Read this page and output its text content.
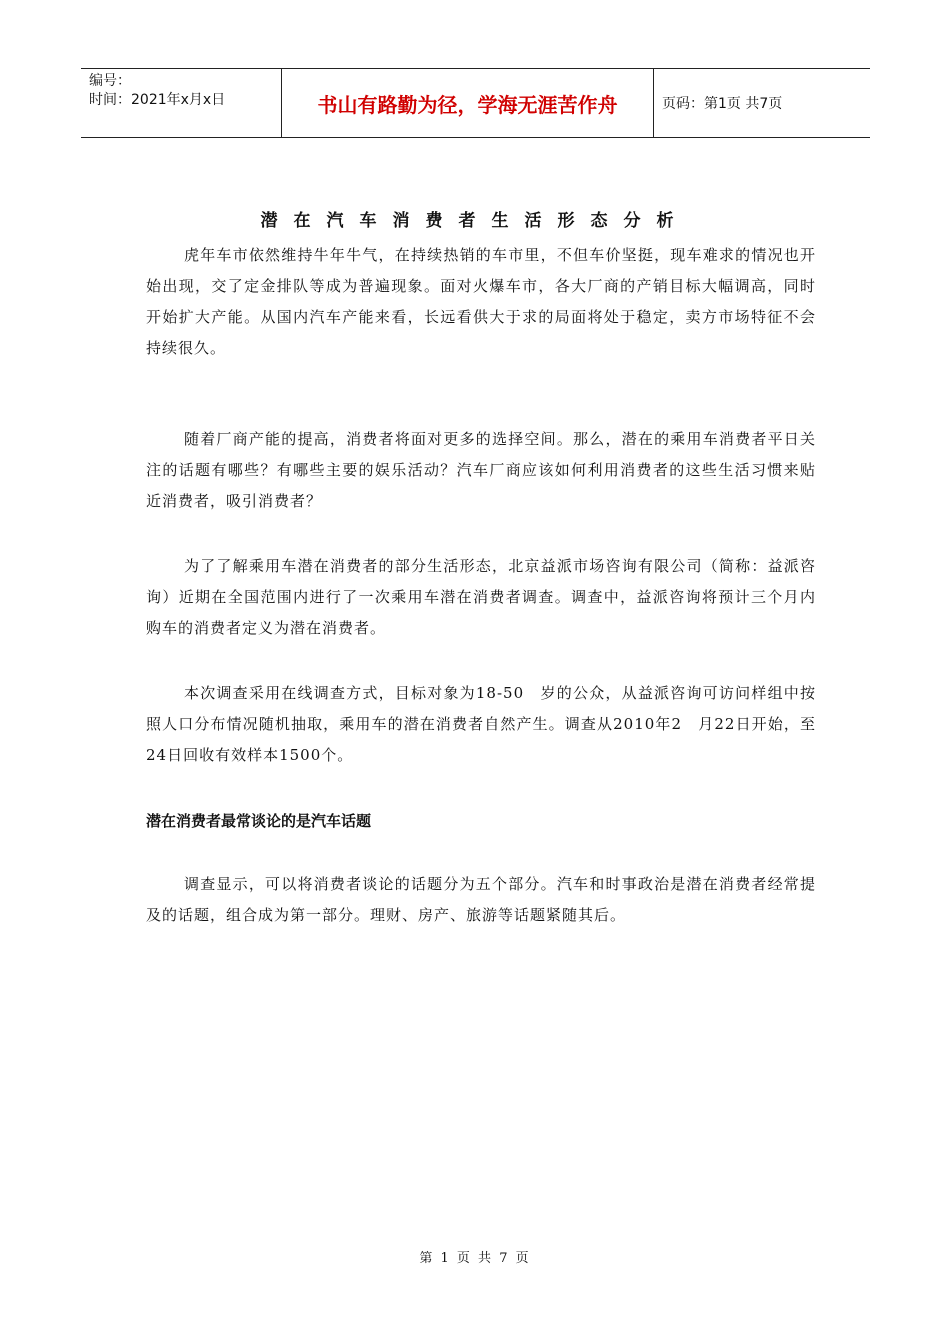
编号：
时间：2021年x月x日	书山有路勤为径，学海无涯苦作舟	页码：第1页 共7页
潜在汽车消费者生活形态分析

虎年车市依然维持牛年牛气，在持续热销的车市里，不但车价坚挺，现车难求的情况也开始出现，交了定金排队等成为普遍现象。面对火爆车市，各大厂商的产销目标大幅调高，同时开始扩大产能。从国内汽车产能来看，长远看供大于求的局面将处于稳定，卖方市场特征不会持续很久。

随着厂商产能的提高，消费者将面对更多的选择空间。那么，潜在的乘用车消费者平日关注的话题有哪些？有哪些主要的娱乐活动？汽车厂商应该如何利用消费者的这些生活习惯来贴近消费者，吸引消费者？

为了了解乘用车潜在消费者的部分生活形态，北京益派市场咨询有限公司（简称：益派咨询）近期在全国范围内进行了一次乘用车潜在消费者调查。调查中，益派咨询将预计三个月内购车的消费者定义为潜在消费者。

本次调查采用在线调查方式，目标对象为18-50　岁的公众，从益派咨询可访问样组中按照人口分布情况随机抽取，乘用车的潜在消费者自然产生。调查从2010年2　月22日开始，至24日回收有效样本1500个。

潜在消费者最常谈论的是汽车话题

调查显示，可以将消费者谈论的话题分为五个部分。汽车和时事政治是潜在消费者经常提及的话题，组合成为第一部分。理财、房产、旅游等话题紧随其后。

第 1 页 共 7 页
